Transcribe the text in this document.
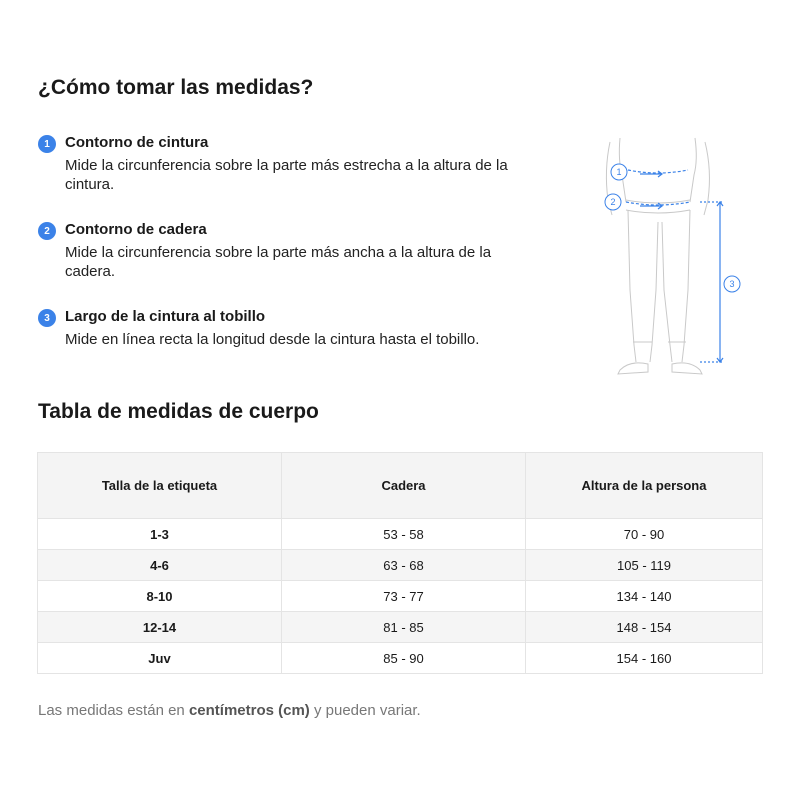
¿Cómo tomar las medidas?
1	Contorno de cintura
Mide la circunferencia sobre la parte más estrecha a la altura de la cintura.
2	Contorno de cadera
Mide la circunferencia sobre la parte más ancha a la altura de la cadera.
3	Largo de la cintura al tobillo
Mide en línea recta la longitud desde la cintura hasta el tobillo.
1
2
3
Tabla de medidas de cuerpo
Talla de la etiqueta	Cadera	Altura de la persona
1-3	53 - 58	70 - 90
4-6	63 - 68	105 - 119
8-10	73 - 77	134 - 140
12-14	81 - 85	148 - 154
Juv	85 - 90	154 - 160
Las medidas están en centímetros (cm) y pueden variar.
